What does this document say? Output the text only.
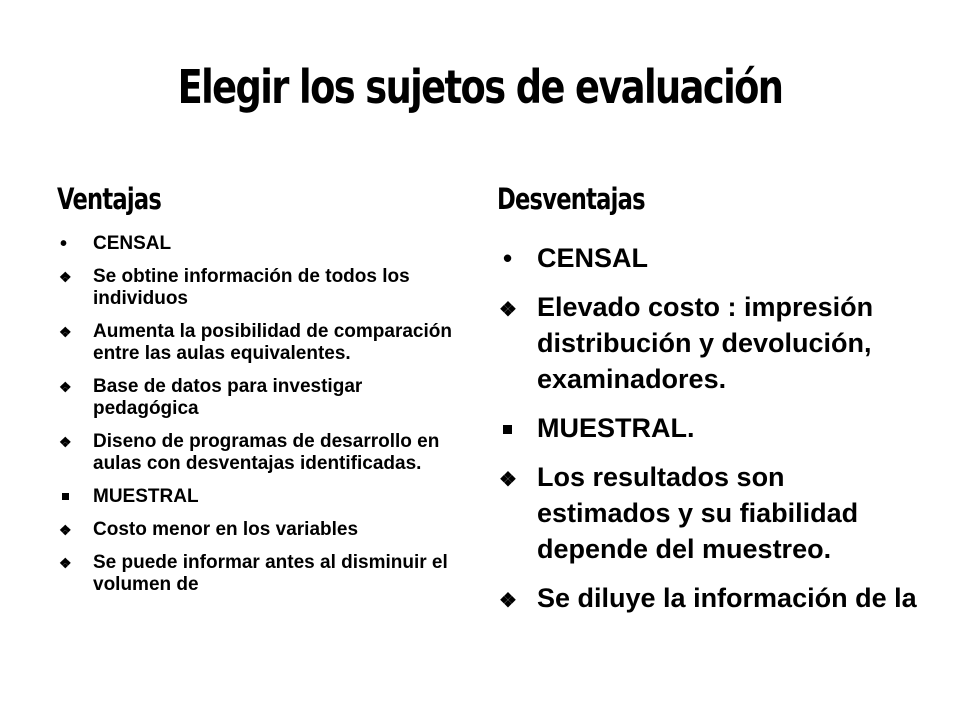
Elegir los sujetos de evaluación
Ventajas	Desventajas
•
CENSAL
❖
Se obtine información de todos los individuos
❖
Aumenta la posibilidad de comparación entre las aulas equivalentes.
❖
Base de datos para investigar pedagógica
❖
Diseno de programas de desarrollo en aulas con desventajas identificadas.
MUESTRAL
❖
Costo menor en los variables
❖
Se puede informar antes al disminuir el volumen de
•
CENSAL
❖
Elevado costo : impresión distribución y devolución, examinadores.
MUESTRAL.
❖
Los resultados son estimados y su fiabilidad depende del muestreo.
❖
Se diluye la información de la
